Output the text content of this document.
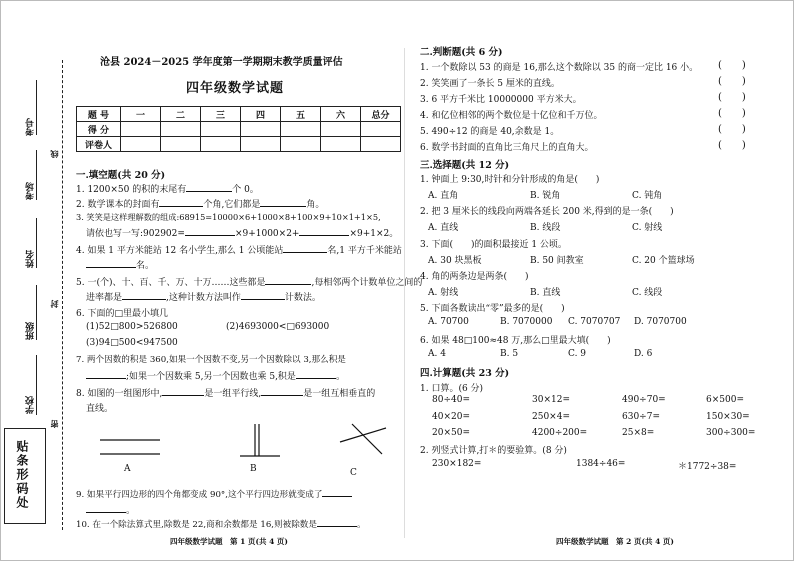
考号
考场
姓名
班级
学校
线
封
密
贴条形码处
沧县 2024－2025 学年度第一学期期末教学质量评估
四年级数学试题
题 号	一	二	三	四	五	六	总分
得 分							
评卷人							
一.填空题(共 20 分)
1. 1200×50 的积的末尾有	个 0。
2. 数学课本的封面有	个角,它们都是	角。
3. 笑笑是这样理解数的组成:68915=10000×6+1000×8+100×9+10×1+1×5,
请依也写一写:902902=	×9+1000×2+	×9+1×2。
4. 如果 1 平方米能站 12 名小学生,那么 1 公顷能站	名,1 平方千米能站
名。
5. 一(个)、十、百、千、万、十万……这些都是	,每相邻两个计数单位之间的
进率都是	,这种计数方法叫作	计数法。
6. 下面的□里最小填几
(1)52□800>526800	(2)4693000<□693000
(3)94□500<947500
7. 两个因数的积是 360,如果一个因数不变,另一个因数除以 3,那么积是
;如果一个因数乘 5,另一个因数也乘 5,积是	。
8. 如图的一组图形中,	是一组平行线,	是一组互相垂直的
直线。
A	B	C
9. 如果平行四边形的四个角都变成 90°,这个平行四边形就变成了
。
10. 在一个除法算式里,除数是 22,商和余数都是 16,则被除数是	。
四年级数学试题　第 1 页(共 4 页)
二.判断题(共 6 分)
1. 一个数除以 53 的商是 16,那么这个数除以 35 的商一定比 16 小。
2. 笑笑画了一条长 5 厘米的直线。
3. 6 平方千米比 10000000 平方米大。
4. 和亿位相邻的两个数位是十亿位和千万位。
5. 490÷12 的商是 40,余数是 1。
6. 数学书封面的直角比三角尺上的直角大。
(　　)
(　　)
(　　)
(　　)
(　　)
(　　)
三.选择题(共 12 分)
1. 钟面上 9:30,时针和分针形成的角是(　　)
A. 直角	B. 锐角	C. 钝角
2. 把 3 厘米长的线段向两端各延长 200 米,得到的是一条(　　)
A. 直线	B. 线段	C. 射线
3. 下面(　　)的面积最接近 1 公顷。
A. 30 块黑板	B. 50 间教室	C. 20 个篮球场
4. 角的两条边是两条(　　)
A. 射线	B. 直线	C. 线段
5. 下面各数读出“零”最多的是(　　)
A. 70700	B. 7070000 C. 7070707 D. 7070700
6. 如果 48□100≈48 万,那么□里最大填(　　)
A. 4	B. 5	C. 9	D. 6
四.计算题(共 23 分)
1. 口算。(6 分)
80÷40=	30×12=	490÷70=	6×500=
40×20=	250×4=	630÷7=	150×30=
20×50=	4200÷200=	25×8=	300÷300=
2. 列竖式计算,打＊的要验算。(8 分)
230×182=	1384÷46=	＊1772÷38=
四年级数学试题　第 2 页(共 4 页)
